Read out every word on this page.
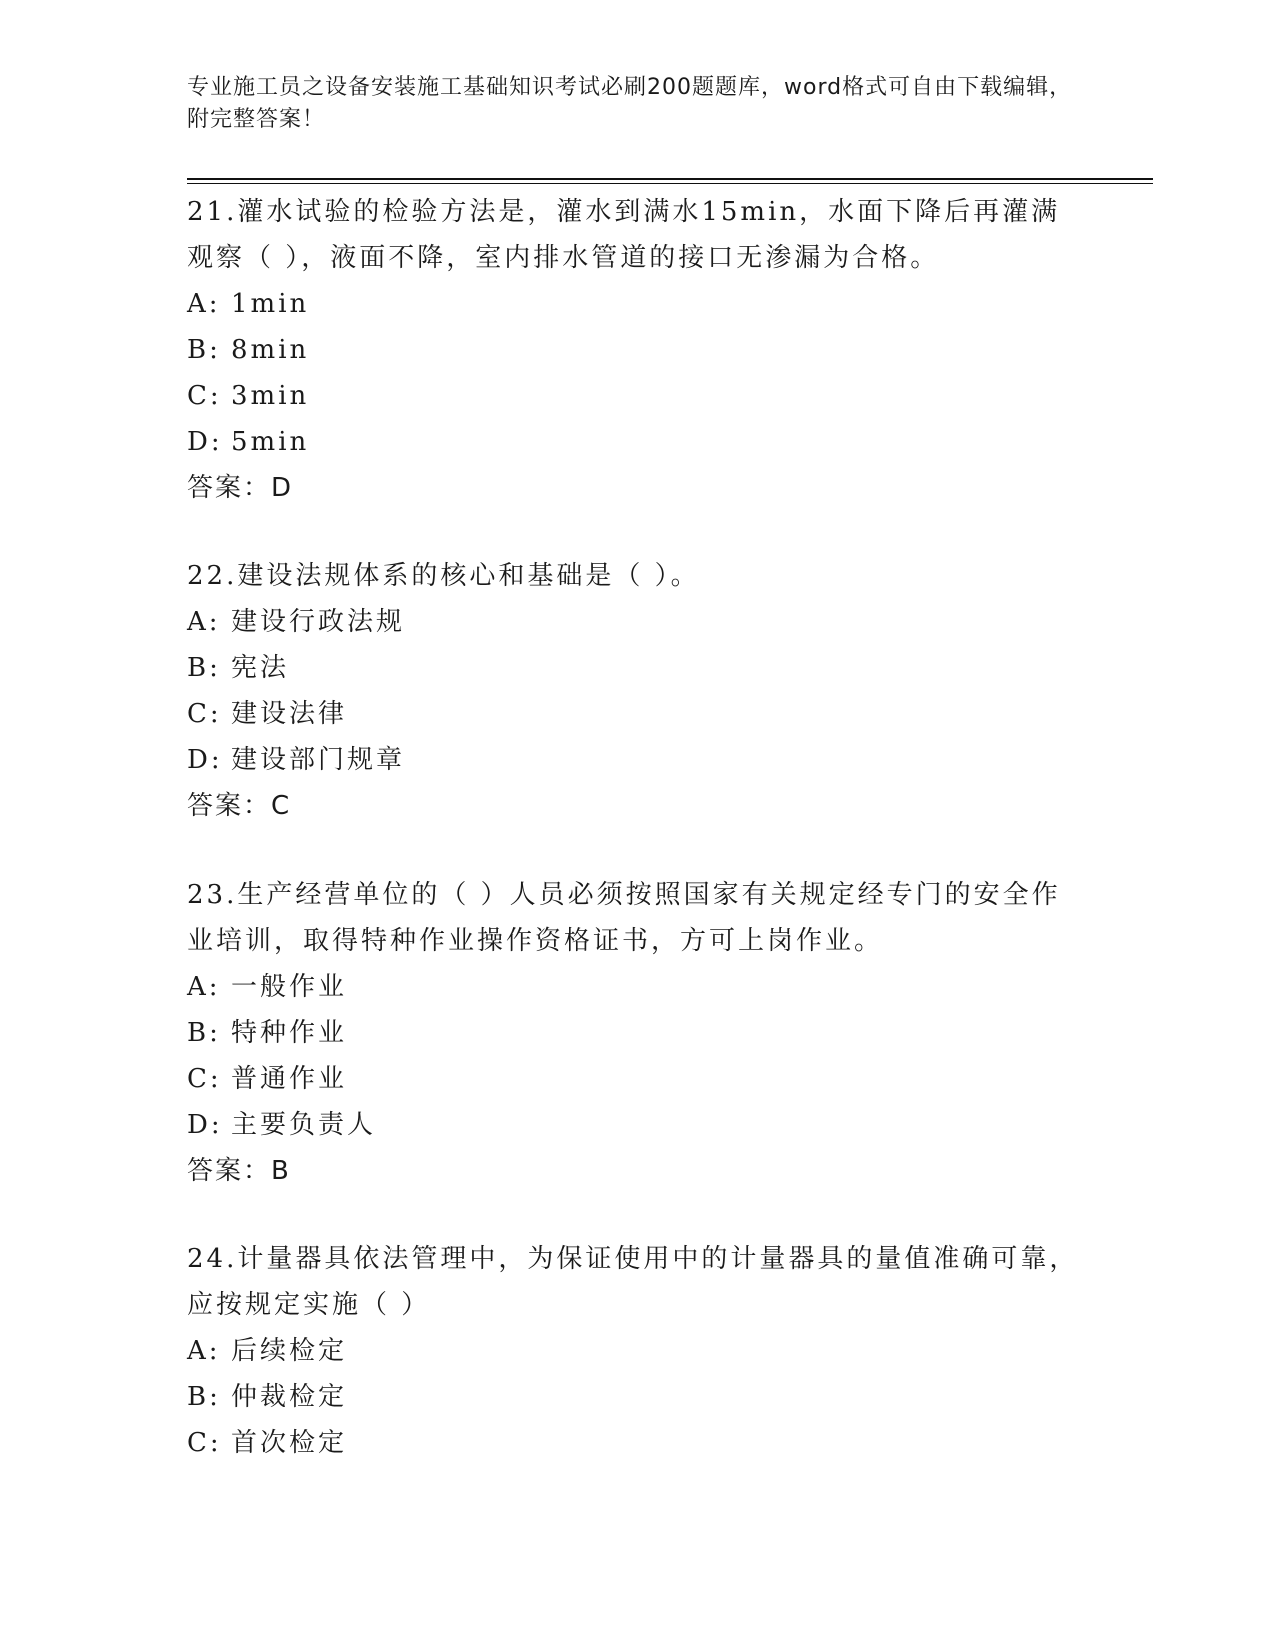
专业施工员之设备安装施工基础知识考试必刷200题题库，word格式可自由下载编辑，附完整答案！

21.灌水试验的检验方法是，灌水到满水15min，水面下降后再灌满观察（ ），液面不降，室内排水管道的接口无渗漏为合格。

A: 1min

B: 8min

C: 3min

D: 5min

答案：D

22.建设法规体系的核心和基础是（ ）。

A: 建设行政法规

B: 宪法

C: 建设法律

D: 建设部门规章

答案：C

23.生产经营单位的（ ）人员必须按照国家有关规定经专门的安全作业培训，取得特种作业操作资格证书，方可上岗作业。

A: 一般作业

B: 特种作业

C: 普通作业

D: 主要负责人

答案：B

24.计量器具依法管理中，为保证使用中的计量器具的量值准确可靠，应按规定实施（ ）

A: 后续检定

B: 仲裁检定

C: 首次检定
